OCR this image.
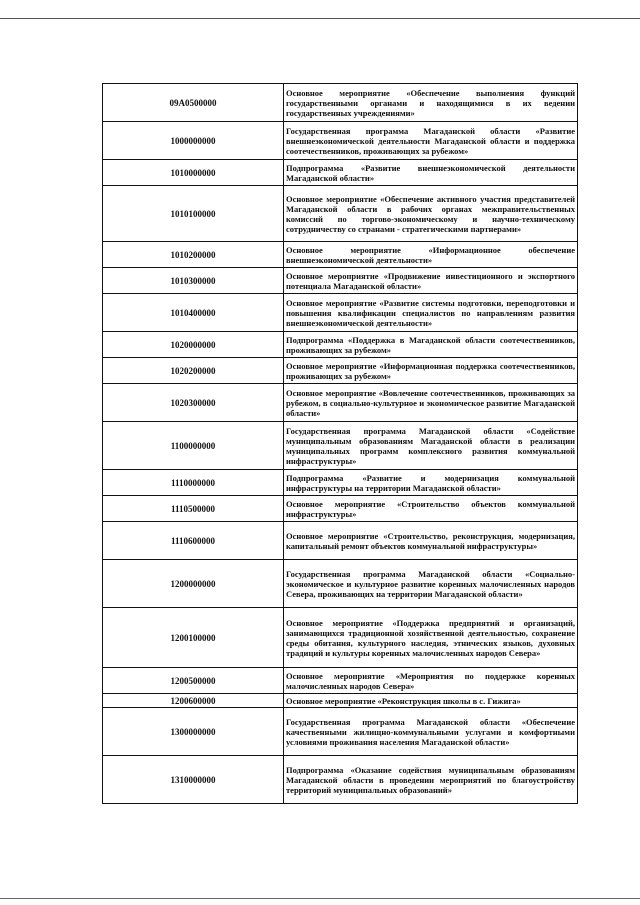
09А0500000	Основное мероприятие «Обеспечение выполнения функций государственными органами и находящимися в их ведении государственных учреждениями»
1000000000	Государственная программа Магаданской области «Развитие внешнеэкономической деятельности Магаданской области и поддержка соотечественников, проживающих за рубежом»
1010000000	Подпрограмма «Развитие внешнеэкономической деятельности Магаданской области»
1010100000	Основное мероприятие «Обеспечение активного участия представителей Магаданской области в рабочих органах межправительственных комиссий по торгово-экономическому и научно-техническому сотрудничеству со странами - стратегическими партнерами»
1010200000	Основное мероприятие «Информационное обеспечение внешнеэкономической деятельности»
1010300000	Основное мероприятие «Продвижение инвестиционного и экспортного потенциала Магаданской области»
1010400000	Основное мероприятие «Развитие системы подготовки, переподготовки и повышения квалификации специалистов по направлениям развития внешнеэкономической деятельности»
1020000000	Подпрограмма «Поддержка в Магаданской области соотечественников, проживающих за рубежом»
1020200000	Основное мероприятие «Информационная поддержка соотечественников, проживающих за рубежом»
1020300000	Основное мероприятие «Вовлечение соотечественников, проживающих за рубежом, в социально-культурное и экономическое развитие Магаданской области»
1100000000	Государственная программа Магаданской области «Содействие муниципальным образованиям Магаданской области в реализации муниципальных программ комплексного развития коммунальной инфраструктуры»
1110000000	Подпрограмма «Развитие и модернизация коммунальной инфраструктуры на территории Магаданской области»
1110500000	Основное мероприятие «Строительство объектов коммунальной инфраструктуры»
1110600000	Основное мероприятие «Строительство, реконструкция, модернизация, капитальный ремонт объектов коммунальной инфраструктуры»
1200000000	Государственная программа Магаданской области «Социально-экономическое и культурное развитие коренных малочисленных народов Севера, проживающих на территории Магаданской области»
1200100000	Основное мероприятие «Поддержка предприятий и организаций, занимающихся традиционной хозяйственной деятельностью, сохранение среды обитания, культурного наследия, этнических языков, духовных традиций и культуры коренных малочисленных народов Севера»
1200500000	Основное мероприятие «Мероприятия по поддержке коренных малочисленных народов Севера»
1200600000	Основное мероприятие «Реконструкция школы в с. Гижига»
1300000000	Государственная программа Магаданской области «Обеспечение качественными жилищно-коммунальными услугами и комфортными условиями проживания населения Магаданской области»
1310000000	Подпрограмма «Оказание содействия муниципальным образованиям Магаданской области в проведении мероприятий по благоустройству территорий муниципальных образований»
